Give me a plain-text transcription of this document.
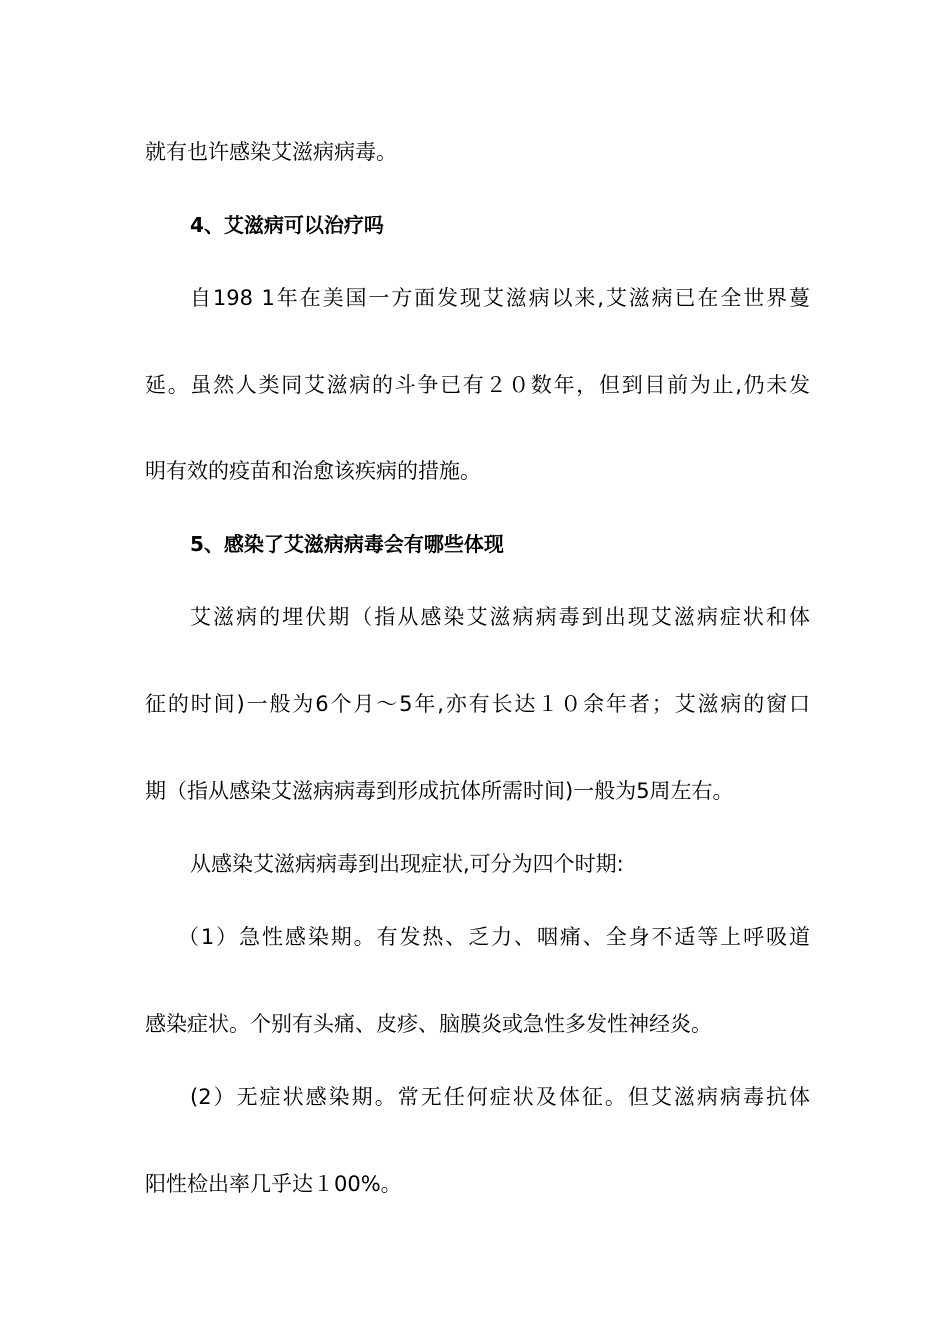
就有也许感染艾滋病病毒。
4、艾滋病可以治疗吗
自198 1年在美国一方面发现艾滋病以来,艾滋病已在全世界蔓
延。虽然人类同艾滋病的斗争已有２０数年，但到目前为止,仍未发
明有效的疫苗和治愈该疾病的措施。
5、感染了艾滋病病毒会有哪些体现
艾滋病的埋伏期（指从感染艾滋病病毒到出现艾滋病症状和体
征的时间)一般为6个月～5年,亦有长达１０余年者；艾滋病的窗口
期（指从感染艾滋病病毒到形成抗体所需时间)一般为5周左右。
从感染艾滋病病毒到出现症状,可分为四个时期:
（1）急性感染期。有发热、乏力、咽痛、全身不适等上呼吸道
感染症状。个别有头痛、皮疹、脑膜炎或急性多发性神经炎。
(2）无症状感染期。常无任何症状及体征。但艾滋病病毒抗体
阳性检出率几乎达１00%。
